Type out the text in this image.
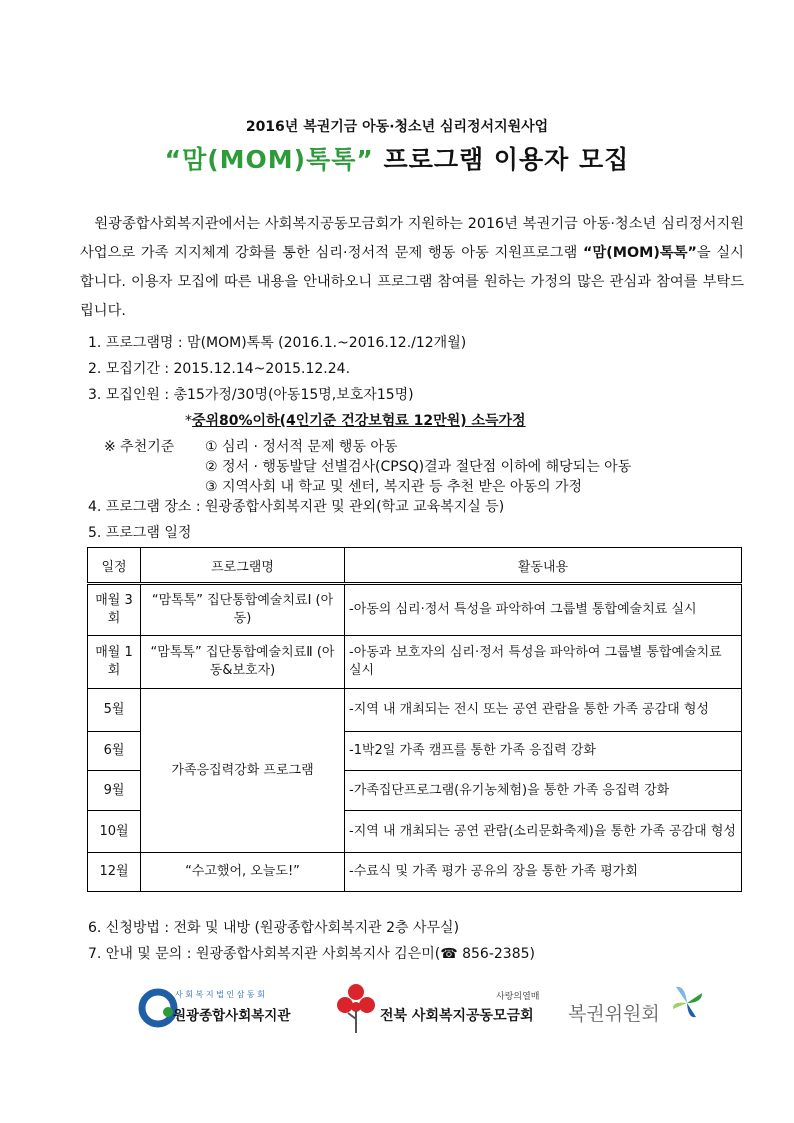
2016년 복권기금 아동·청소년 심리정서지원사업
“맘(MOM)톡톡” 프로그램 이용자 모집
원광종합사회복지관에서는 사회복지공동모금회가 지원하는 2016년 복권기금 아동·청소년 심리정서지원사업으로 가족 지지체계 강화를 통한 심리·정서적 문제 행동 아동 지원프로그램 “맘(MOM)톡톡”을 실시합니다. 이용자 모집에 따른 내용을 안내하오니 프로그램 참여를 원하는 가정의 많은 관심과 참여를 부탁드립니다.
1. 프로그램명 : 맘(MOM)톡톡 (2016.1.~2016.12./12개월)
2. 모집기간 : 2015.12.14~2015.12.24.
3. 모집인원 : 총15가정/30명(아동15명,보호자15명)
*중위80%이하(4인기준 건강보험료 12만원) 소득가정
※ 추천기준 ① 심리 · 정서적 문제 행동 아동
② 정서 · 행동발달 선별검사(CPSQ)결과 절단점 이하에 해당되는 아동
③ 지역사회 내 학교 및 센터, 복지관 등 추천 받은 아동의 가정
4. 프로그램 장소 : 원광종합사회복지관 및 관외(학교 교육복지실 등)
5. 프로그램 일정
일정	프로그램명	활동내용
매월 3회	“맘톡톡” 집단통합예술치료Ⅰ (아동)	-아동의 심리·정서 특성을 파악하여 그룹별 통합예술치료 실시
매월 1회	“맘톡톡” 집단통합예술치료Ⅱ (아동&보호자)	-아동과 보호자의 심리·정서 특성을 파악하여 그룹별 통합예술치료 실시
5월	가족응집력강화 프로그램	-지역 내 개최되는 전시 또는 공연 관람을 통한 가족 공감대 형성
6월		-1박2일 가족 캠프를 통한 가족 응집력 강화
9월		-가족집단프로그램(유기농체험)을 통한 가족 응집력 강화
10월		-지역 내 개최되는 공연 관람(소리문화축제)을 통한 가족 공감대 형성
12월	“수고했어, 오늘도!”	-수료식 및 가족 평가 공유의 장을 통한 가족 평가회
6. 신청방법 : 전화 및 내방 (원광종합사회복지관 2층 사무실)
7. 안내 및 문의 : 원광종합사회복지관 사회복지사 김은미(☎ 856-2385)
사 회 복 지 법 인 삼 동 회
원광종합사회복지관
사랑의열매
전북 사회복지공동모금회 복권위원회
